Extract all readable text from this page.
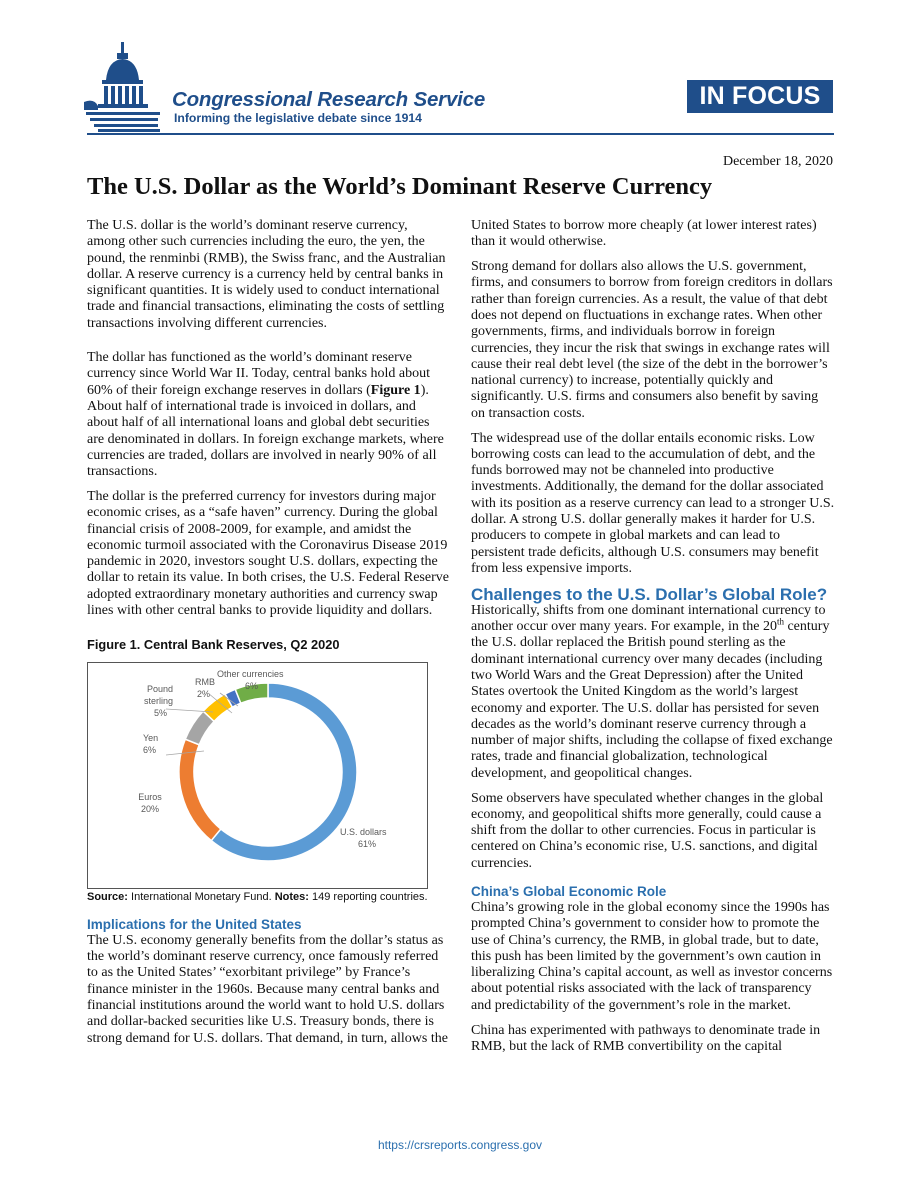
Congressional Research Service
Informing the legislative debate since 1914
IN FOCUS
December 18, 2020
The U.S. Dollar as the World’s Dominant Reserve Currency

The U.S. dollar is the world’s dominant reserve currency, among other such currencies including the euro, the yen, the pound, the renminbi (RMB), the Swiss franc, and the Australian dollar. A reserve currency is a currency held by central banks in significant quantities. It is widely used to conduct international trade and financial transactions, eliminating the costs of settling transactions involving different currencies.

The dollar has functioned as the world’s dominant reserve currency since World War II. Today, central banks hold about 60% of their foreign exchange reserves in dollars (Figure 1). About half of international trade is invoiced in dollars, and about half of all international loans and global debt securities are denominated in dollars. In foreign exchange markets, where currencies are traded, dollars are involved in nearly 90% of all transactions.

The dollar is the preferred currency for investors during major economic crises, as a “safe haven” currency. During the global financial crisis of 2008-2009, for example, and amidst the economic turmoil associated with the Coronavirus Disease 2019 pandemic in 2020, investors sought U.S. dollars, expecting the dollar to retain its value. In both crises, the U.S. Federal Reserve adopted extraordinary monetary authorities and currency swap lines with other central banks to provide liquidity and dollars.

Figure 1. Central Bank Reserves, Q2 2020

U.S. dollars 61%
Euros 20%
Yen 6%
Pound sterling 5%
RMB 2%
Other currencies 6%

Source: International Monetary Fund. Notes: 149 reporting countries.

Implications for the United States

The U.S. economy generally benefits from the dollar’s status as the world’s dominant reserve currency, once famously referred to as the United States’ “exorbitant privilege” by France’s finance minister in the 1960s. Because many central banks and financial institutions around the world want to hold U.S. dollars and dollar-backed securities like U.S. Treasury bonds, there is strong demand for U.S. dollars. That demand, in turn, allows the

United States to borrow more cheaply (at lower interest rates) than it would otherwise.

Strong demand for dollars also allows the U.S. government, firms, and consumers to borrow from foreign creditors in dollars rather than foreign currencies. As a result, the value of that debt does not depend on fluctuations in exchange rates. When other governments, firms, and individuals borrow in foreign currencies, they incur the risk that swings in exchange rates will cause their real debt level (the size of the debt in the borrower’s national currency) to increase, potentially quickly and significantly. U.S. firms and consumers also benefit by saving on transaction costs.

The widespread use of the dollar entails economic risks. Low borrowing costs can lead to the accumulation of debt, and the funds borrowed may not be channeled into productive investments. Additionally, the demand for the dollar associated with its position as a reserve currency can lead to a stronger U.S. dollar. A strong U.S. dollar generally makes it harder for U.S. producers to compete in global markets and can lead to persistent trade deficits, although U.S. consumers may benefit from less expensive imports.

Challenges to the U.S. Dollar’s Global Role?

Historically, shifts from one dominant international currency to another occur over many years. For example, in the 20th century the U.S. dollar replaced the British pound sterling as the dominant international currency over many decades (including two World Wars and the Great Depression) after the United States overtook the United Kingdom as the world’s largest economy and exporter. The U.S. dollar has persisted for seven decades as the world’s dominant reserve currency through a number of major shifts, including the collapse of fixed exchange rates, trade and financial globalization, technological development, and geopolitical changes.

Some observers have speculated whether changes in the global economy, and geopolitical shifts more generally, could cause a shift from the dollar to other currencies. Focus in particular is centered on China’s economic rise, U.S. sanctions, and digital currencies.

China’s Global Economic Role

China’s growing role in the global economy since the 1990s has prompted China’s government to consider how to promote the use of China’s currency, the RMB, in global trade, but to date, this push has been limited by the government’s own caution in liberalizing China’s capital account, as well as investor concerns about potential risks associated with the lack of transparency and predictability of the government’s role in the market.

China has experimented with pathways to denominate trade in RMB, but the lack of RMB convertibility on the capital

https://crsreports.congress.gov
